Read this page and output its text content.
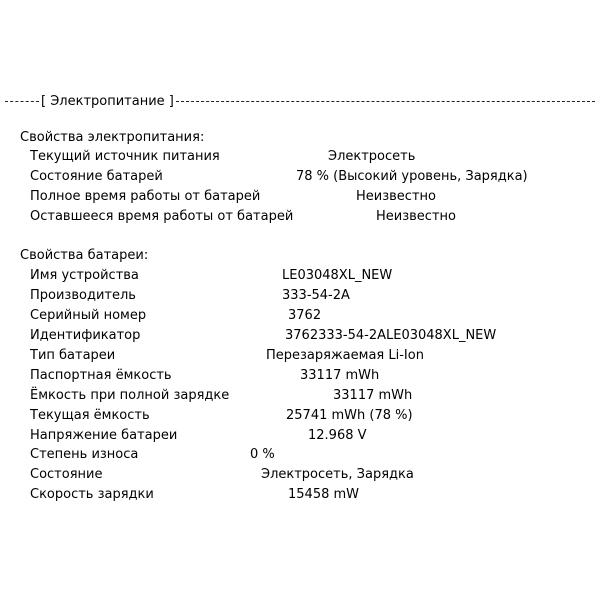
[ Электропитание ]
Свойства электропитания:
Текущий источник питания	Электросеть
Состояние батарей	78 % (Высокий уровень, Зарядка)
Полное время работы от батарей	Неизвестно
Оставшееся время работы от батарей	Неизвестно
Свойства батареи:
Имя устройства	LE03048XL_NEW
Производитель	333-54-2A
Серийный номер	3762
Идентификатор	3762333-54-2ALE03048XL_NEW
Тип батареи	Перезаряжаемая Li-Ion
Паспортная ёмкость	33117 mWh
Ёмкость при полной зарядке	33117 mWh
Текущая ёмкость	25741 mWh (78 %)
Напряжение батареи	12.968 V
Степень износа	0 %
Состояние	Электросеть, Зарядка
Скорость зарядки	15458 mW
